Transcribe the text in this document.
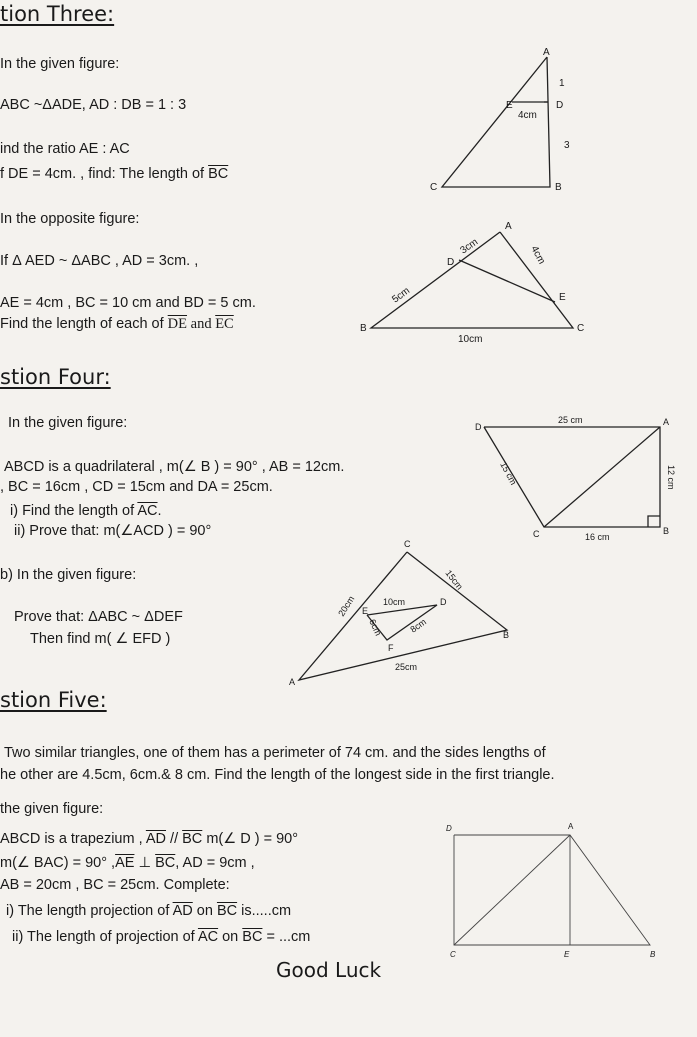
tion Three:
In the given figure:
ABC ~ΔADE, AD : DB = 1 : 3
ind the ratio AE : AC
f DE = 4cm. , find: The length of $\overline{BC}$
In the opposite figure:
If Δ AED ~ ΔABC , AD = 3cm. ,
AE = 4cm , BC = 10 cm and BD = 5 cm.
Find the length of each of $\overline{DE}$ and $\overline{EC}$
A
E	D
C	B
4cm
1
3
A
D
E
B	C
3cm	4cm
5cm
10cm
stion Four:
In the given figure:
ABCD is a quadrilateral , m(∠ B ) = 90° , AB = 12cm.
, BC = 16cm , CD = 15cm and DA = 25cm.
i) Find the length of $\overline{AC}$.
ii) Prove that: m(∠ACD ) = 90°
b) In the given figure:
Prove that: ΔABC ~ ΔDEF
Then find m( ∠ EFD )
D	A
C	B
25 cm
15 cm	12 cm
16 cm
C
A
B
E
D
F
20cm
15cm
25cm
10cm
6cm	8cm
stion Five:
Two similar triangles, one of them has a perimeter of 74 cm. and the sides lengths of
he other are 4.5cm, 6cm.& 8 cm. Find the length of the longest side in the first triangle.
the given figure:
ABCD is a trapezium , $\overline{AD} // \overline{BC}$ m(∠ D ) = 90°
m(∠ BAC) = 90° $,\overline{AE}$ ⊥ $\overline{BC}$, AD = 9cm ,
AB = 20cm , BC = 25cm. Complete:
i) The length projection of $\overline{AD}$ on $\overline{BC}$ is.....cm
ii) The length of projection of $\overline{AC}$ on $\overline{BC} = ...cm$
D	A
C	E	B
Good Luck
